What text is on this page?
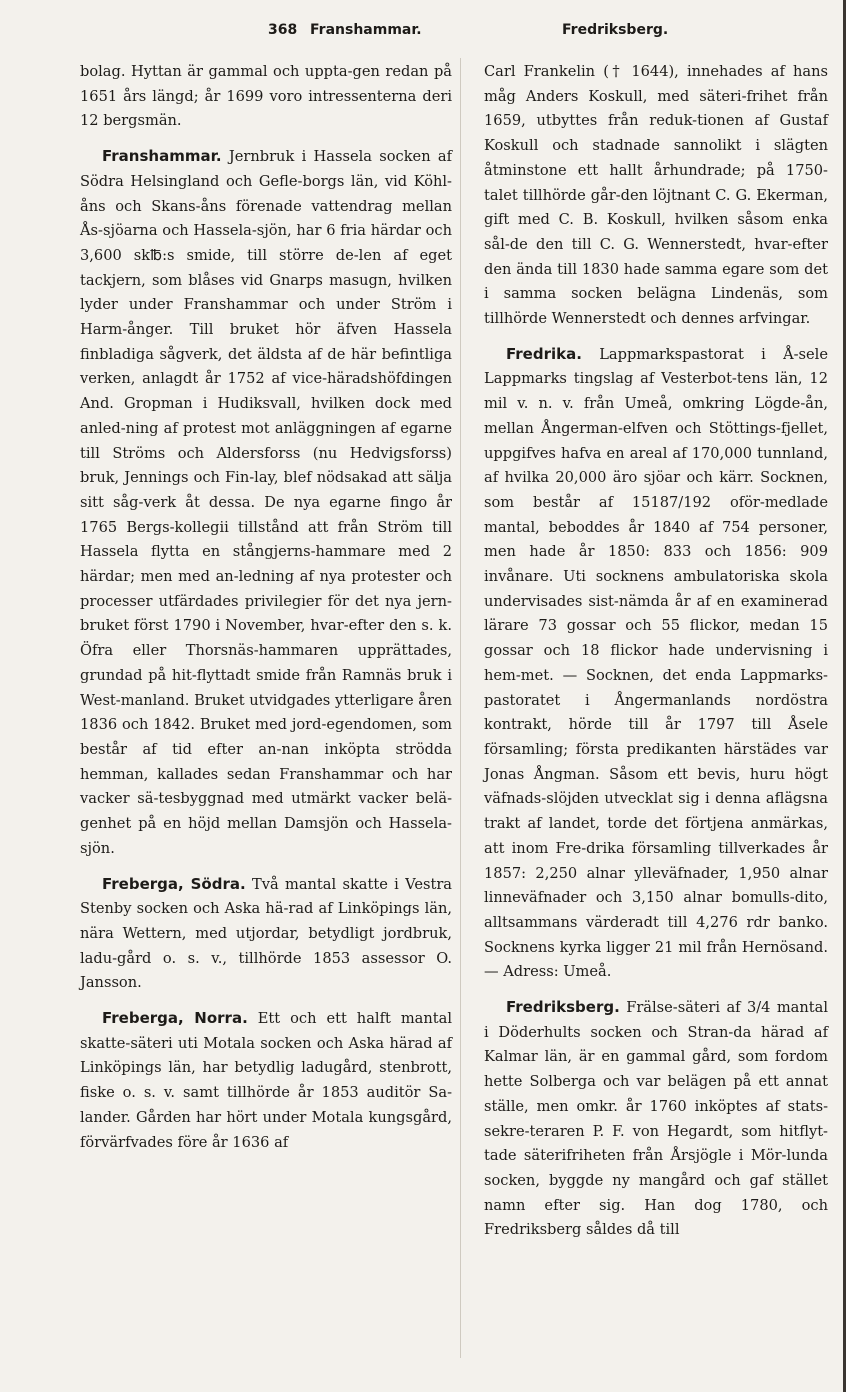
368 Franshammar.	Fredriksberg.

bolag. Hyttan är gammal och uppta-gen redan på 1651 års längd; år 1699 voro intressenterna deri 12 bergsmän.

Franshammar. Jernbruk i Hassela socken af Södra Helsingland och Gefle-borgs län, vid Köhl-åns och Skans-åns förenade vattendrag mellan Ås-sjöarna och Hassela-sjön, har 6 fria härdar och 3,600 sk℔:s smide, till större de-len af eget tackjern, som blåses vid Gnarps masugn, hvilken lyder under Franshammar och under Ström i Harm-ånger. Till bruket hör äfven Hassela finbladiga sågverk, det äldsta af de här befintliga verken, anlagdt år 1752 af vice-häradshöfdingen And. Gropman i Hudiksvall, hvilken dock med anled-ning af protest mot anläggningen af egarne till Ströms och Aldersforss (nu Hedvigsforss) bruk, Jennings och Fin-lay, blef nödsakad att sälja sitt såg-verk åt dessa. De nya egarne fingo år 1765 Bergs-kollegii tillstånd att från Ström till Hassela flytta en stångjerns-hammare med 2 härdar; men med an-ledning af nya protester och processer utfärdades privilegier för det nya jern-bruket först 1790 i November, hvar-efter den s. k. Öfra eller Thorsnäs-hammaren upprättades, grundad på hit-flyttadt smide från Ramnäs bruk i West-manland. Bruket utvidgades ytterligare åren 1836 och 1842. Bruket med jord-egendomen, som består af tid efter an-nan inköpta strödda hemman, kallades sedan Franshammar och har vacker sä-tesbyggnad med utmärkt vacker belä-genhet på en höjd mellan Damsjön och Hassela-sjön.

Freberga, Södra. Två mantal skatte i Vestra Stenby socken och Aska hä-rad af Linköpings län, nära Wettern, med utjordar, betydligt jordbruk, ladu-gård o. s. v., tillhörde 1853 assessor O. Jansson.

Freberga, Norra. Ett och ett halft mantal skatte-säteri uti Motala socken och Aska härad af Linköpings län, har betydlig ladugård, stenbrott, fiske o. s. v. samt tillhörde år 1853 auditör Sa-lander. Gården har hört under Motala kungsgård, förvärfvades före år 1636 af

Carl Frankelin († 1644), innehades af hans måg Anders Koskull, med säteri-frihet från 1659, utbyttes från reduk-tionen af Gustaf Koskull och stadnade sannolikt i slägten åtminstone ett hallt århundrade; på 1750-talet tillhörde går-den löjtnant C. G. Ekerman, gift med C. B. Koskull, hvilken såsom enka sål-de den till C. G. Wennerstedt, hvar-efter den ända till 1830 hade samma egare som det i samma socken belägna Lindenäs, som tillhörde Wennerstedt och dennes arfvingar.

Fredrika. Lappmarkspastorat i Å-sele Lappmarks tingslag af Vesterbot-tens län, 12 mil v. n. v. från Umeå, omkring Lögde-ån, mellan Ångerman-elfven och Stöttings-fjellet, uppgifves hafva en areal af 170,000 tunnland, af hvilka 20,000 äro sjöar och kärr. Socknen, som består af 15187/192 oför-medlade mantal, beboddes år 1840 af 754 personer, men hade år 1850: 833 och 1856: 909 invånare. Uti socknens ambulatoriska skola undervisades sist-nämda år af en examinerad lärare 73 gossar och 55 flickor, medan 15 gossar och 18 flickor hade undervisning i hem-met. — Socknen, det enda Lappmarks-pastoratet i Ångermanlands nordöstra kontrakt, hörde till år 1797 till Åsele församling; första predikanten härstädes var Jonas Ångman. Såsom ett bevis, huru högt väfnads-slöjden utvecklat sig i denna aflägsna trakt af landet, torde det förtjena anmärkas, att inom Fre-drika församling tillverkades år 1857: 2,250 alnar ylleväfnader, 1,950 alnar linneväfnader och 3,150 alnar bomulls-dito, alltsammans värderadt till 4,276 rdr banko. Socknens kyrka ligger 21 mil från Hernösand. — Adress: Umeå.

Fredriksberg. Frälse-säteri af 3/4 mantal i Döderhults socken och Stran-da härad af Kalmar län, är en gammal gård, som fordom hette Solberga och var belägen på ett annat ställe, men omkr. år 1760 inköptes af stats-sekre-teraren P. F. von Hegardt, som hitflyt-tade säterifriheten från Årsjögle i Mör-lunda socken, byggde ny mangård och gaf stället namn efter sig. Han dog 1780, och Fredriksberg såldes då till
